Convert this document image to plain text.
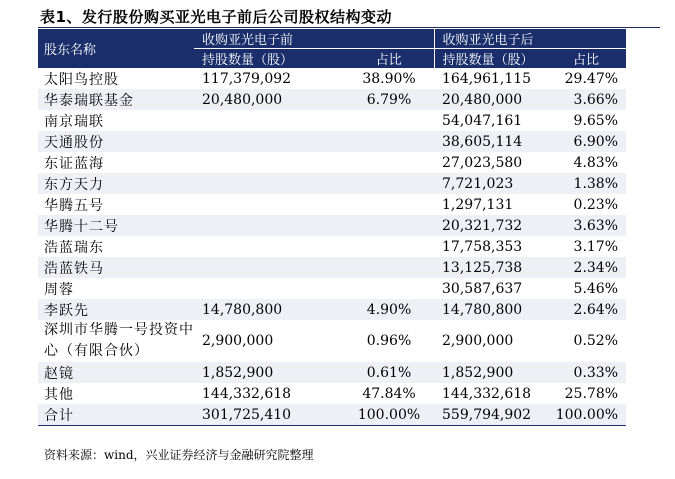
表1、发行股份购买亚光电子前后公司股权结构变动
股东名称	收购亚光电子前		收购亚光电子后	
	持股数量（股）	占比	持股数量（股）	占比
太阳鸟控股	117,379,092	38.90%	164,961,115	29.47%
华泰瑞联基金	20,480,000	6.79%	20,480,000	3.66%
南京瑞联			54,047,161	9.65%
天通股份			38,605,114	6.90%
东证蓝海			27,023,580	4.83%
东方天力			7,721,023	1.38%
华腾五号			1,297,131	0.23%
华腾十二号			20,321,732	3.63%
浩蓝瑞东			17,758,353	3.17%
浩蓝铁马			13,125,738	2.34%
周蓉			30,587,637	5.46%
李跃先	14,780,800	4.90%	14,780,800	2.64%
深圳市华腾一号投资中心（有限合伙）	2,900,000	0.96%	2,900,000	0.52%
赵镜	1,852,900	0.61%	1,852,900	0.33%
其他	144,332,618	47.84%	144,332,618	25.78%
合计	301,725,410	100.00%	559,794,902	100.00%
资料来源：wind，兴业证券经济与金融研究院整理
